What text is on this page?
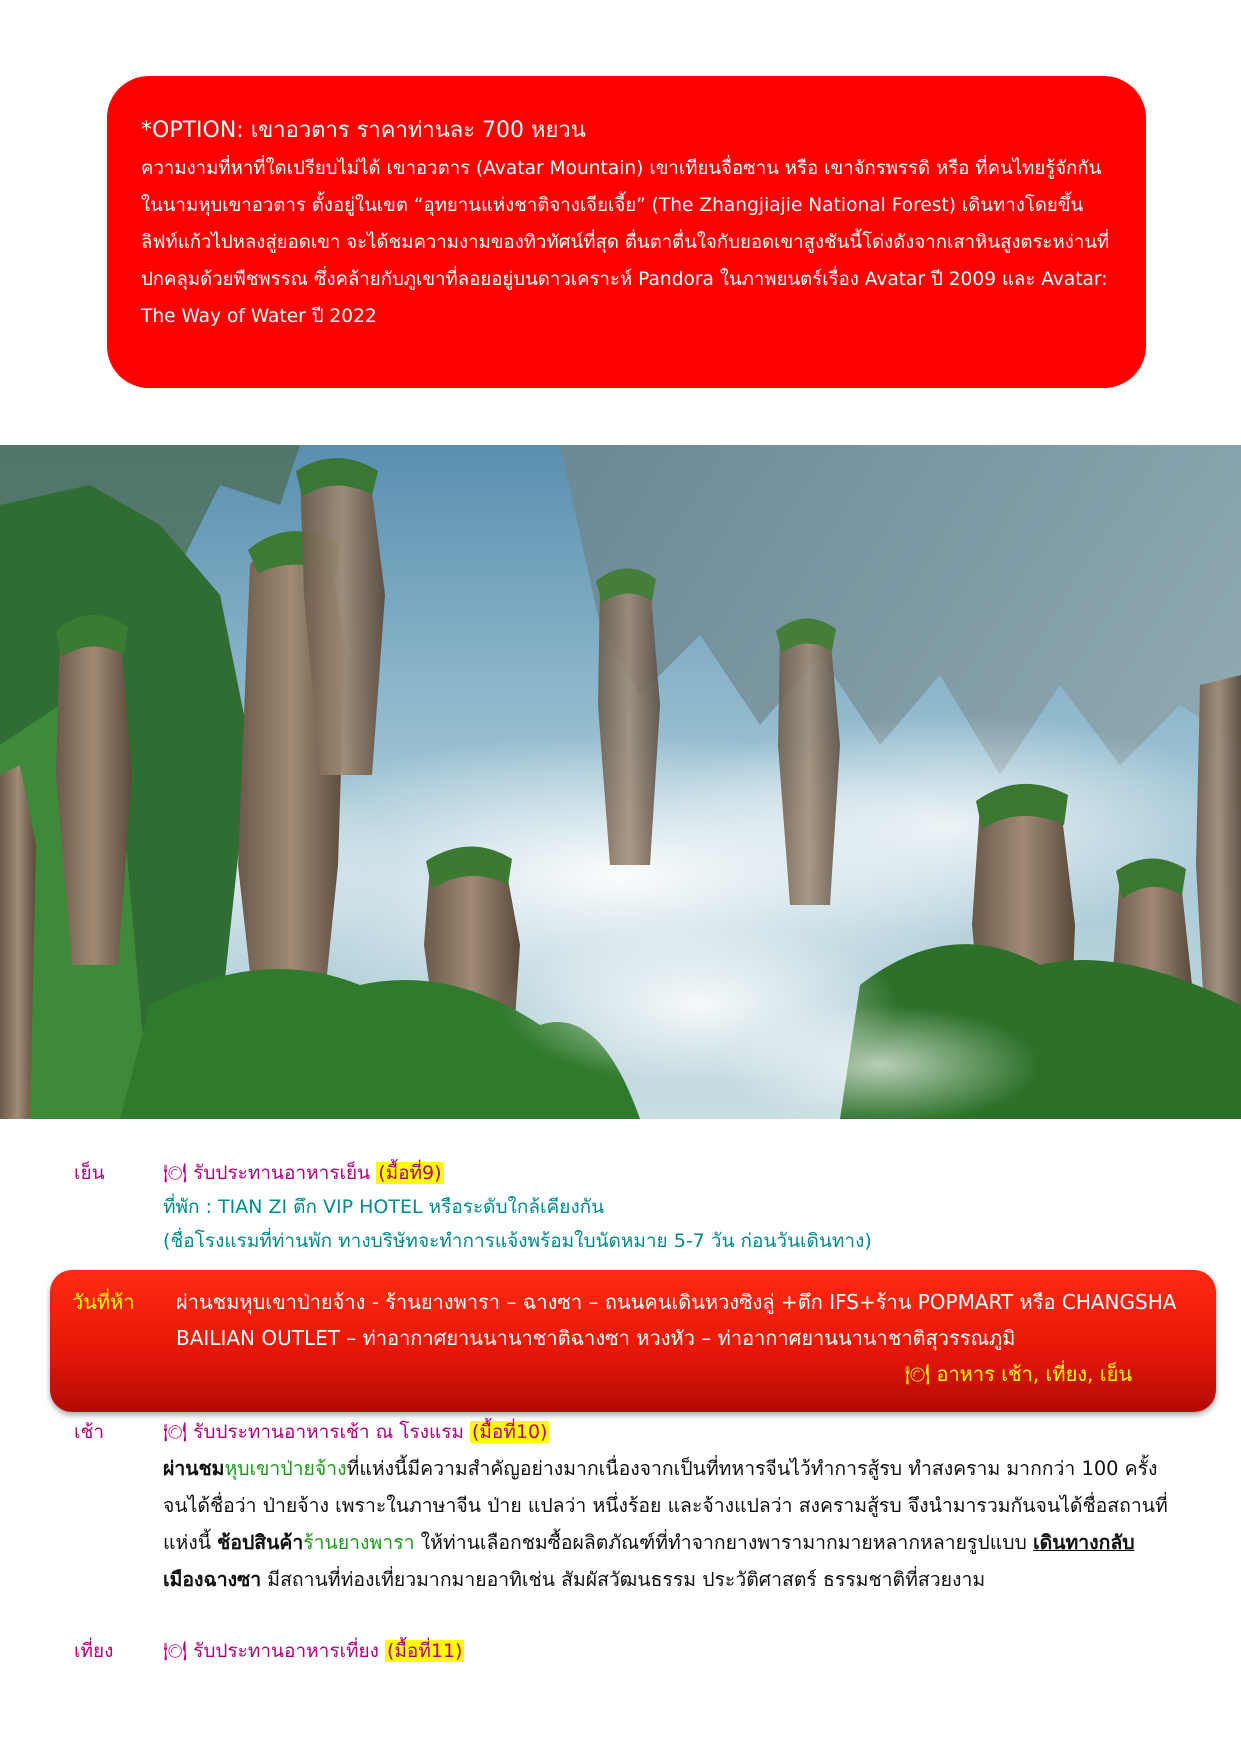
*OPTION: เขาอวตาร ราคาท่านละ 700 หยวน
ความงามที่หาที่ใดเปรียบไม่ได้ เขาอวตาร (Avatar Mountain) เขาเทียนจื่อซาน หรือ เขาจักรพรรดิ หรือ ที่คนไทยรู้จักกันในนามหุบเขาอวตาร ตั้งอยู่ในเขต “อุทยานแห่งชาติจางเจียเจี้ย” (The Zhangjiajie National Forest) เดินทางโดยขึ้นลิฟท์แก้วไปหลงสู่ยอดเขา จะได้ชมความงามของทิวทัศน์ที่สุด ตื่นตาตื่นใจกับยอดเขาสูงชันนี้โด่งดังจากเสาหินสูงตระหง่านที่ปกคลุมด้วยพืชพรรณ ซึ่งคล้ายกับภูเขาที่ลอยอยู่บนดาวเคราะห์ Pandora ในภาพยนตร์เรื่อง Avatar ปี 2009 และ Avatar: The Way of Water ปี 2022
เย็น	🍽 รับประทานอาหารเย็น (มื้อที่9)
ที่พัก : TIAN ZI ตึก VIP HOTEL หรือระดับใกล้เคียงกัน
(ชื่อโรงแรมที่ท่านพัก ทางบริษัทจะทำการแจ้งพร้อมใบนัดหมาย 5-7 วัน ก่อนวันเดินทาง)
วันที่ห้า ผ่านชมหุบเขาป่ายจ้าง - ร้านยางพารา – ฉางซา – ถนนคนเดินหวงซิงลู่ +ตึก IFS+ร้าน POPMART หรือ CHANGSHA BAILIAN OUTLET – ท่าอากาศยานนานาชาติฉางซา หวงหัว – ท่าอากาศยานนานาชาติสุวรรณภูมิ
🍽 อาหาร เช้า, เที่ยง, เย็น
เช้า	🍽 รับประทานอาหารเช้า ณ โรงแรม (มื้อที่10)
ผ่านชมหุบเขาป่ายจ้างที่แห่งนี้มีความสำคัญอย่างมากเนื่องจากเป็นที่ทหารจีนไว้ทำการสู้รบ ทำสงคราม มากกว่า 100 ครั้ง จนได้ชื่อว่า ป่ายจ้าง เพราะในภาษาจีน ป่าย แปลว่า หนึ่งร้อย และจ้างแปลว่า สงครามสู้รบ จึงนำมารวมกันจนได้ชื่อสถานที่แห่งนี้ ช้อปสินค้าร้านยางพารา ให้ท่านเลือกชมซื้อผลิตภัณฑ์ที่ทำจากยางพารามากมายหลากหลายรูปแบบ เดินทางกลับเมืองฉางซา มีสถานที่ท่องเที่ยวมากมายอาทิเช่น สัมผัสวัฒนธรรม ประวัติศาสตร์ ธรรมชาติที่สวยงาม
เที่ยง	🍽 รับประทานอาหารเที่ยง (มื้อที่11)
